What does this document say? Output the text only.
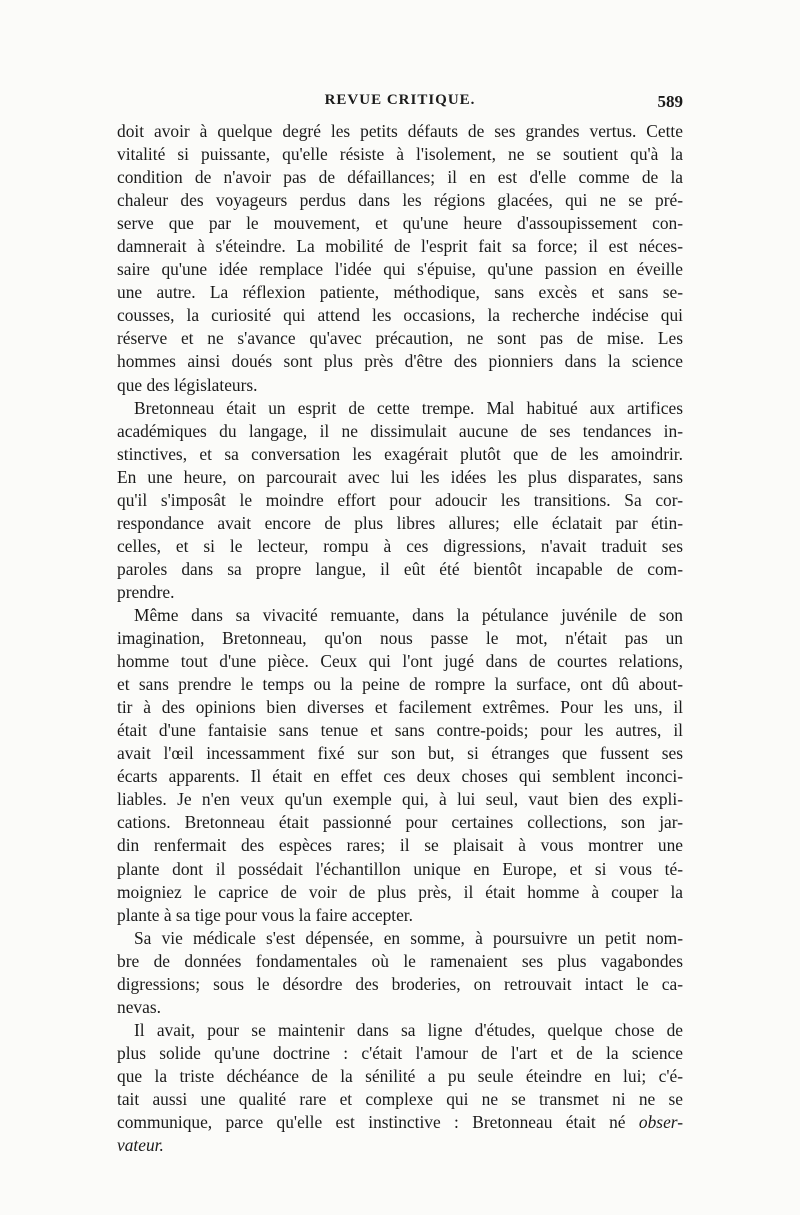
REVUE CRITIQUE.	589
doit avoir à quelque degré les petits défauts de ses grandes vertus. Cette
vitalité si puissante, qu'elle résiste à l'isolement, ne se soutient qu'à la
condition de n'avoir pas de défaillances; il en est d'elle comme de la
chaleur des voyageurs perdus dans les régions glacées, qui ne se pré-
serve que par le mouvement, et qu'une heure d'assoupissement con-
damnerait à s'éteindre. La mobilité de l'esprit fait sa force; il est néces-
saire qu'une idée remplace l'idée qui s'épuise, qu'une passion en éveille
une autre. La réflexion patiente, méthodique, sans excès et sans se-
cousses, la curiosité qui attend les occasions, la recherche indécise qui
réserve et ne s'avance qu'avec précaution, ne sont pas de mise. Les
hommes ainsi doués sont plus près d'être des pionniers dans la science
que des législateurs.
Bretonneau était un esprit de cette trempe. Mal habitué aux artifices
académiques du langage, il ne dissimulait aucune de ses tendances in-
stinctives, et sa conversation les exagérait plutôt que de les amoindrir.
En une heure, on parcourait avec lui les idées les plus disparates, sans
qu'il s'imposât le moindre effort pour adoucir les transitions. Sa cor-
respondance avait encore de plus libres allures; elle éclatait par étin-
celles, et si le lecteur, rompu à ces digressions, n'avait traduit ses
paroles dans sa propre langue, il eût été bientôt incapable de com-
prendre.
Même dans sa vivacité remuante, dans la pétulance juvénile de son
imagination, Bretonneau, qu'on nous passe le mot, n'était pas un
homme tout d'une pièce. Ceux qui l'ont jugé dans de courtes relations,
et sans prendre le temps ou la peine de rompre la surface, ont dû about-
tir à des opinions bien diverses et facilement extrêmes. Pour les uns, il
était d'une fantaisie sans tenue et sans contre-poids; pour les autres, il
avait l'œil incessamment fixé sur son but, si étranges que fussent ses
écarts apparents. Il était en effet ces deux choses qui semblent inconci-
liables. Je n'en veux qu'un exemple qui, à lui seul, vaut bien des expli-
cations. Bretonneau était passionné pour certaines collections, son jar-
din renfermait des espèces rares; il se plaisait à vous montrer une
plante dont il possédait l'échantillon unique en Europe, et si vous té-
moigniez le caprice de voir de plus près, il était homme à couper la
plante à sa tige pour vous la faire accepter.
Sa vie médicale s'est dépensée, en somme, à poursuivre un petit nom-
bre de données fondamentales où le ramenaient ses plus vagabondes
digressions; sous le désordre des broderies, on retrouvait intact le ca-
nevas.
Il avait, pour se maintenir dans sa ligne d'études, quelque chose de
plus solide qu'une doctrine : c'était l'amour de l'art et de la science
que la triste déchéance de la sénilité a pu seule éteindre en lui; c'é-
tait aussi une qualité rare et complexe qui ne se transmet ni ne se
communique, parce qu'elle est instinctive : Bretonneau était né obser-
vateur.
